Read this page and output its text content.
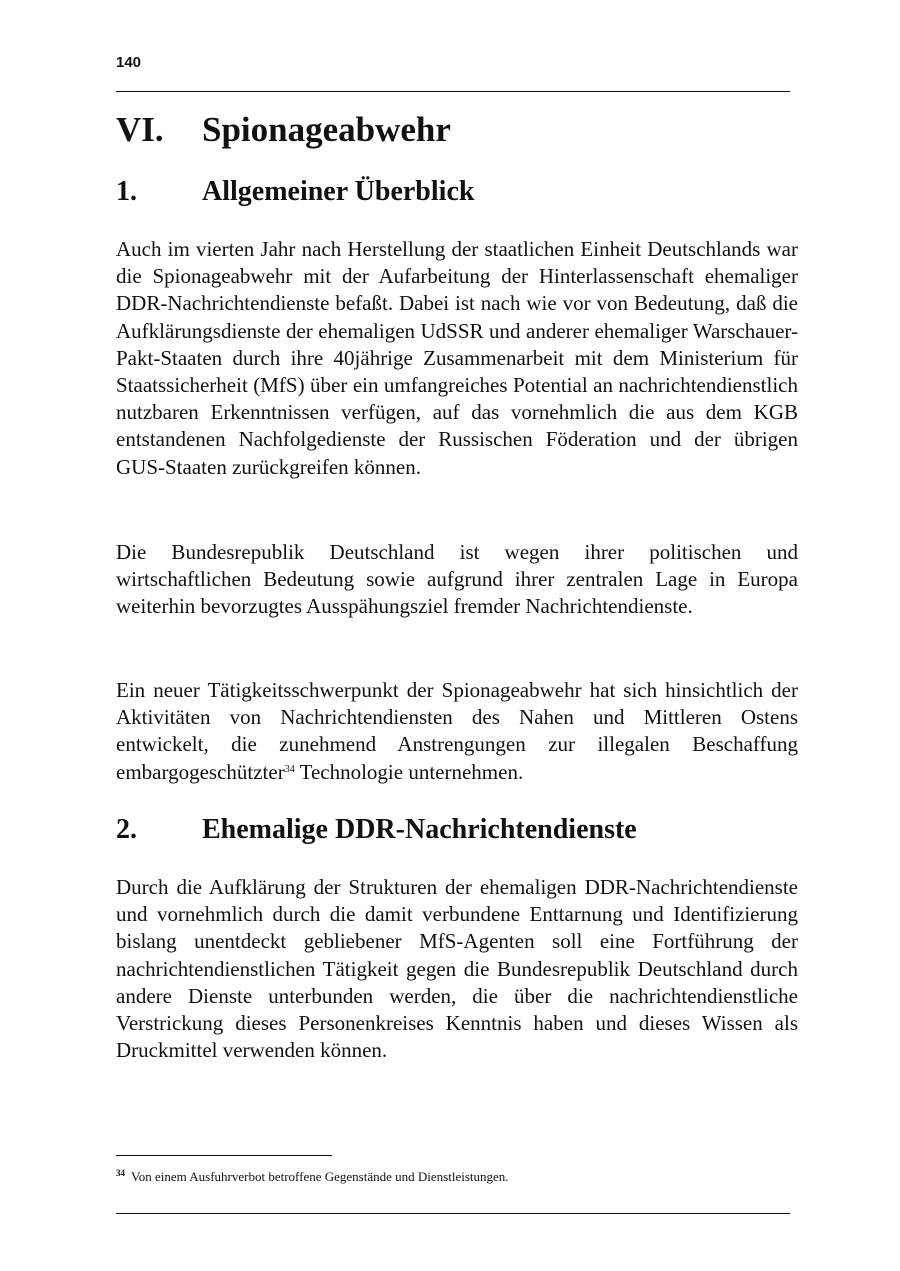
140
VI. Spionageabwehr
1. Allgemeiner Überblick

Auch im vierten Jahr nach Herstellung der staatlichen Einheit Deutschlands war die Spionageabwehr mit der Aufarbeitung der Hinterlassenschaft ehemaliger DDR-Nachrichtendienste befaßt. Dabei ist nach wie vor von Bedeutung, daß die Aufklärungsdienste der ehemaligen UdSSR und anderer ehemaliger Warschauer-Pakt-Staaten durch ihre 40jährige Zusammenarbeit mit dem Ministerium für Staatssicherheit (MfS) über ein umfangreiches Potential an nachrichtendienstlich nutzbaren Erkenntnissen verfügen, auf das vornehmlich die aus dem KGB entstandenen Nachfolgedienste der Russischen Föderation und der übrigen GUS-Staaten zurückgreifen können.

Die Bundesrepublik Deutschland ist wegen ihrer politischen und wirtschaftlichen Bedeutung sowie aufgrund ihrer zentralen Lage in Europa weiterhin bevorzugtes Ausspähungsziel fremder Nachrichtendienste.

Ein neuer Tätigkeitsschwerpunkt der Spionageabwehr hat sich hinsichtlich der Aktivitäten von Nachrichtendiensten des Nahen und Mittleren Ostens entwickelt, die zunehmend Anstrengungen zur illegalen Beschaffung embargogeschützter$^{34}$ Technologie unternehmen.

2. Ehemalige DDR-Nachrichtendienste

Durch die Aufklärung der Strukturen der ehemaligen DDR-Nachrichtendienste und vornehmlich durch die damit verbundene Enttarnung und Identifizierung bislang unentdeckt gebliebener MfS-Agenten soll eine Fortführung der nachrichtendienstlichen Tätigkeit gegen die Bundesrepublik Deutschland durch andere Dienste unterbunden werden, die über die nachrichtendienstliche Verstrickung dieses Personenkreises Kenntnis haben und dieses Wissen als Druckmittel verwenden können.

$^{34}$ Von einem Ausfuhrverbot betroffene Gegenstände und Dienstleistungen.
